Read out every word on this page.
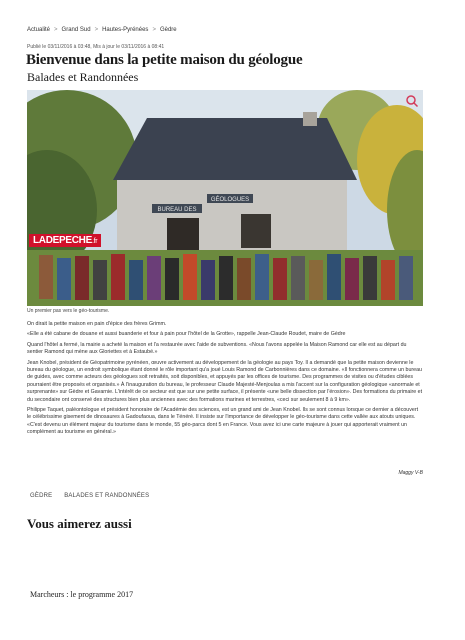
Actualité > Grand Sud > Hautes-Pyrénées > Gèdre
Publié le 03/11/2016 à 03:48, Mis à jour le 03/11/2016 à 08:41
Bienvenue dans la petite maison du géologue
Balades et Randonnées
BUREAU DES
GÉOLOGUES
LADEPECHE.fr
Un premier pas vers le géo-tourisme.

On dirait la petite maison en pain d'épice des frères Grimm.

«Elle a été cabane de douane et aussi buanderie et four à pain pour l'hôtel de la Grotte», rappelle Jean-Claude Roudet, maire de Gèdre

Quand l'hôtel a fermé, la mairie a acheté la maison et l'a restaurée avec l'aide de subventions. «Nous l'avons appelée la Maison Ramond car elle est au départ du sentier Ramond qui mène aux Gloriettes et à Estaubé.»

Jean Knobel, président de Géopatrimoine pyrénéen, œuvre activement au développement de la géologie au pays Toy. Il a demandé que la petite maison devienne le bureau du géologue, un endroit symbolique étant donné le rôle important qu'a joué Louis Ramond de Carbonnières dans ce domaine. «Il fonctionnera comme un bureau de guides, avec comme acteurs des géologues soit retraités, soit disponibles, et appuyés par les offices de tourisme. Des programmes de visites ou d'études ciblées pourraient être proposés et organisés.» À l'inauguration du bureau, le professeur Claude Majesté-Menjoulas a mis l'accent sur la configuration géologique «anormale et surprenante» sur Gèdre et Gavarnie. L'intérêt de ce secteur est que sur une petite surface, il présente «une belle dissection par l'érosion». Des formations du primaire et du secondaire ont conservé des structures bien plus anciennes avec des formations marines et terrestres, «ceci sur seulement 8 à 9 km».

Philippe Taquet, paléontologue et président honoraire de l'Académie des sciences, est un grand ami de Jean Knobel. Ils se sont connus lorsque ce dernier a découvert le célébrissime gisement de dinosaures à Gadoufaoua, dans le Ténéré. Il insiste sur l'importance de développer le géo-tourisme dans cette vallée aux atouts uniques. «C'est devenu un élément majeur du tourisme dans le monde, 55 géo-parcs dont 5 en France. Vous avez ici une carte majeure à jouer qui apporterait vraiment un complément au tourisme en général.»

Maggy V-B
GÈDRE BALADES ET RANDONNÉES
Vous aimerez aussi
Marcheurs : le programme 2017
